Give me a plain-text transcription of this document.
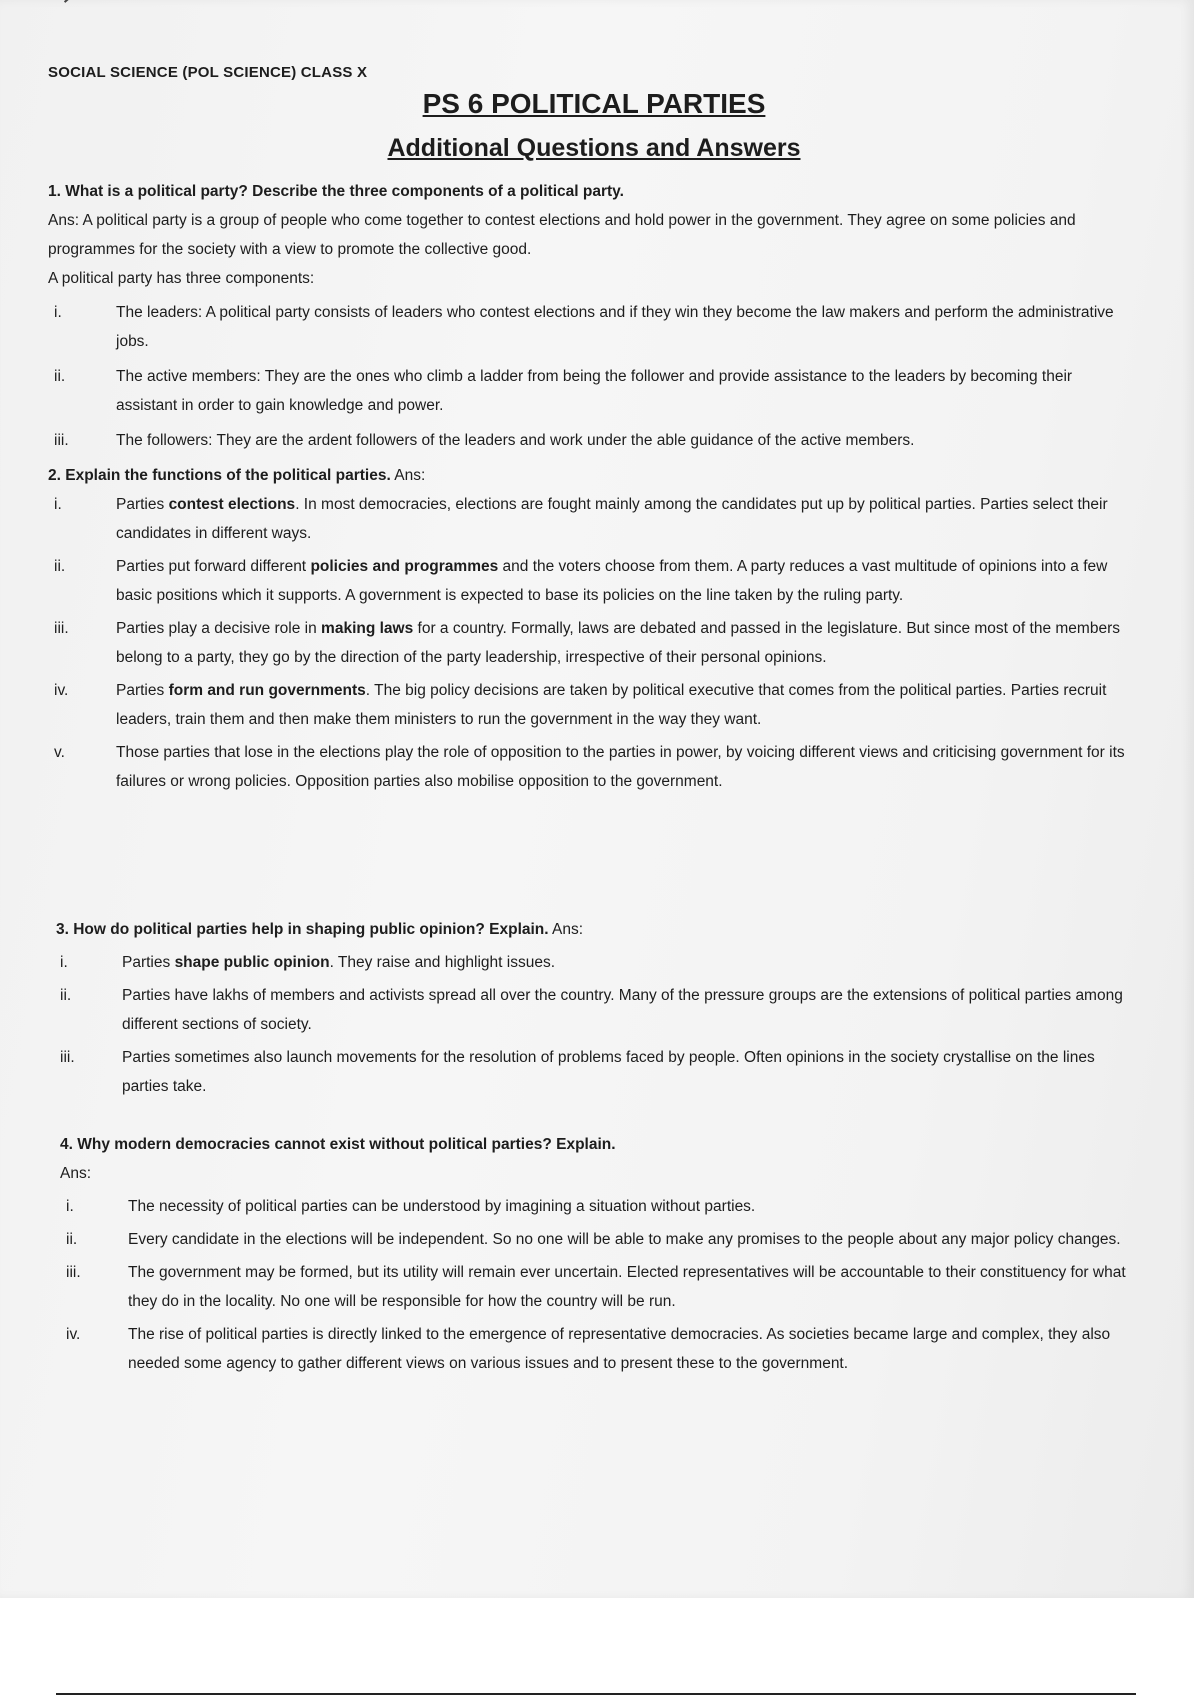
SOCIAL SCIENCE (POL SCIENCE) CLASS X
PS 6 POLITICAL PARTIES
Additional Questions and Answers

1. What is a political party? Describe the three components of a political party.

Ans: A political party is a group of people who come together to contest elections and hold power in the government. They agree on some policies and programmes for the society with a view to promote the collective good.

A political party has three components:

i.	The leaders: A political party consists of leaders who contest elections and if they win they become the law makers and perform the administrative jobs.
ii.	The active members: They are the ones who climb a ladder from being the follower and provide assistance to the leaders by becoming their assistant in order to gain knowledge and power.
iii.	The followers: They are the ardent followers of the leaders and work under the able guidance of the active members.

2. Explain the functions of the political parties. Ans:

i.	Parties contest elections. In most democracies, elections are fought mainly among the candidates put up by political parties. Parties select their candidates in different ways.
ii.	Parties put forward different policies and programmes and the voters choose from them. A party reduces a vast multitude of opinions into a few basic positions which it supports. A government is expected to base its policies on the line taken by the ruling party.
iii.	Parties play a decisive role in making laws for a country. Formally, laws are debated and passed in the legislature. But since most of the members belong to a party, they go by the direction of the party leadership, irrespective of their personal opinions.
iv.	Parties form and run governments. The big policy decisions are taken by political executive that comes from the political parties. Parties recruit leaders, train them and then make them ministers to run the government in the way they want.
v.	Those parties that lose in the elections play the role of opposition to the parties in power, by voicing different views and criticising government for its failures or wrong policies. Opposition parties also mobilise opposition to the government.

3. How do political parties help in shaping public opinion? Explain. Ans:

i.	Parties shape public opinion. They raise and highlight issues.
ii.	Parties have lakhs of members and activists spread all over the country. Many of the pressure groups are the extensions of political parties among different sections of society.
iii.	Parties sometimes also launch movements for the resolution of problems faced by people. Often opinions in the society crystallise on the lines parties take.

4. Why modern democracies cannot exist without political parties? Explain.

Ans:

i.	The necessity of political parties can be understood by imagining a situation without parties.
ii.	Every candidate in the elections will be independent. So no one will be able to make any promises to the people about any major policy changes.
iii.	The government may be formed, but its utility will remain ever uncertain. Elected representatives will be accountable to their constituency for what they do in the locality. No one will be responsible for how the country will be run.
iv.	The rise of political parties is directly linked to the emergence of representative democracies. As societies became large and complex, they also needed some agency to gather different views on various issues and to present these to the government.
